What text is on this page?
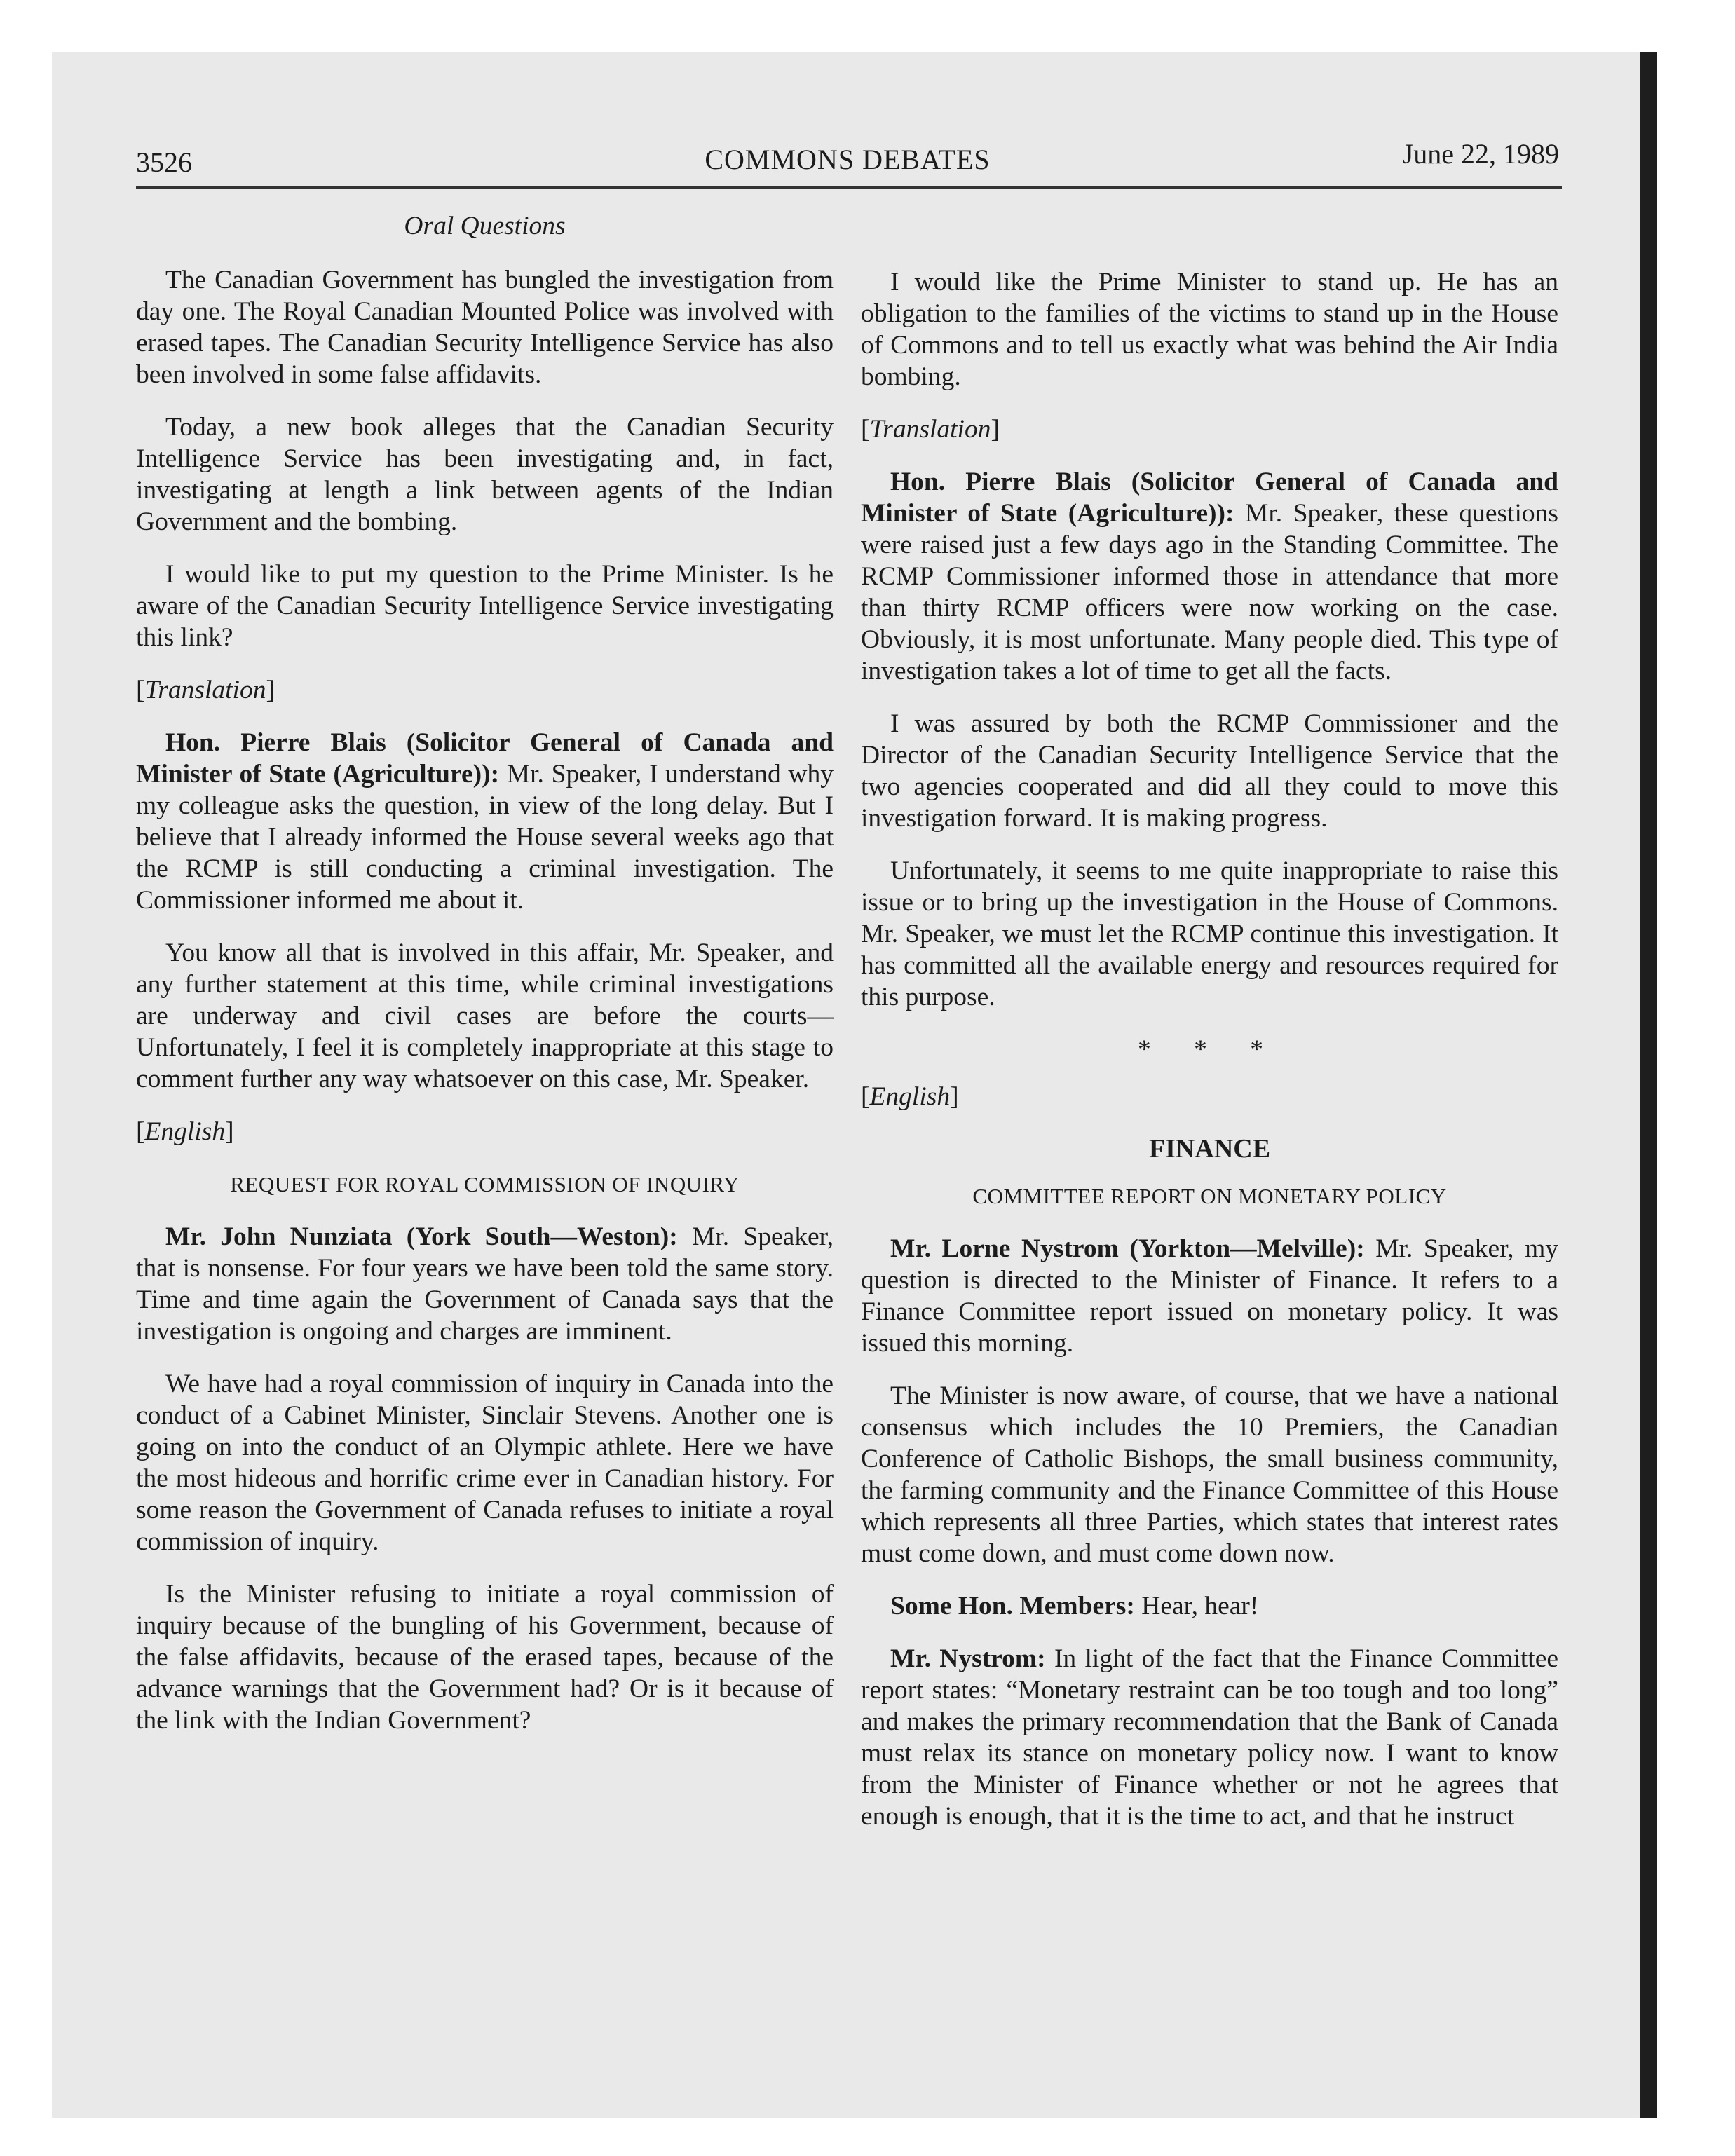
3526	COMMONS DEBATES	June 22, 1989
Oral Questions

The Canadian Government has bungled the investigation from day one. The Royal Canadian Mounted Police was involved with erased tapes. The Canadian Security Intelligence Service has also been involved in some false affidavits.

Today, a new book alleges that the Canadian Security Intelligence Service has been investigating and, in fact, investigating at length a link between agents of the Indian Government and the bombing.

I would like to put my question to the Prime Minister. Is he aware of the Canadian Security Intelligence Service investigating this link?

[Translation]

Hon. Pierre Blais (Solicitor General of Canada and Minister of State (Agriculture)): Mr. Speaker, I understand why my colleague asks the question, in view of the long delay. But I believe that I already informed the House several weeks ago that the RCMP is still conducting a criminal investigation. The Commissioner informed me about it.

You know all that is involved in this affair, Mr. Speaker, and any further statement at this time, while criminal investigations are underway and civil cases are before the courts—Unfortunately, I feel it is completely inappropriate at this stage to comment further any way whatsoever on this case, Mr. Speaker.

[English]
REQUEST FOR ROYAL COMMISSION OF INQUIRY

Mr. John Nunziata (York South—Weston): Mr. Speaker, that is nonsense. For four years we have been told the same story. Time and time again the Government of Canada says that the investigation is ongoing and charges are imminent.

We have had a royal commission of inquiry in Canada into the conduct of a Cabinet Minister, Sinclair Stevens. Another one is going on into the conduct of an Olympic athlete. Here we have the most hideous and horrific crime ever in Canadian history. For some reason the Government of Canada refuses to initiate a royal commission of inquiry.

Is the Minister refusing to initiate a royal commission of inquiry because of the bungling of his Government, because of the false affidavits, because of the erased tapes, because of the advance warnings that the Government had? Or is it because of the link with the Indian Government?

I would like the Prime Minister to stand up. He has an obligation to the families of the victims to stand up in the House of Commons and to tell us exactly what was behind the Air India bombing.

[Translation]

Hon. Pierre Blais (Solicitor General of Canada and Minister of State (Agriculture)): Mr. Speaker, these questions were raised just a few days ago in the Standing Committee. The RCMP Commissioner informed those in attendance that more than thirty RCMP officers were now working on the case. Obviously, it is most unfortunate. Many people died. This type of investigation takes a lot of time to get all the facts.

I was assured by both the RCMP Commissioner and the Director of the Canadian Security Intelligence Service that the two agencies cooperated and did all they could to move this investigation forward. It is making progress.

Unfortunately, it seems to me quite inappropriate to raise this issue or to bring up the investigation in the House of Commons. Mr. Speaker, we must let the RCMP continue this investigation. It has committed all the available energy and resources required for this purpose.

* * *
[English]
FINANCE
COMMITTEE REPORT ON MONETARY POLICY

Mr. Lorne Nystrom (Yorkton—Melville): Mr. Speaker, my question is directed to the Minister of Finance. It refers to a Finance Committee report issued on monetary policy. It was issued this morning.

The Minister is now aware, of course, that we have a national consensus which includes the 10 Premiers, the Canadian Conference of Catholic Bishops, the small business community, the farming community and the Finance Committee of this House which represents all three Parties, which states that interest rates must come down, and must come down now.

Some Hon. Members: Hear, hear!

Mr. Nystrom: In light of the fact that the Finance Committee report states: “Monetary restraint can be too tough and too long” and makes the primary recommendation that the Bank of Canada must relax its stance on monetary policy now. I want to know from the Minister of Finance whether or not he agrees that enough is enough, that it is the time to act, and that he instruct
